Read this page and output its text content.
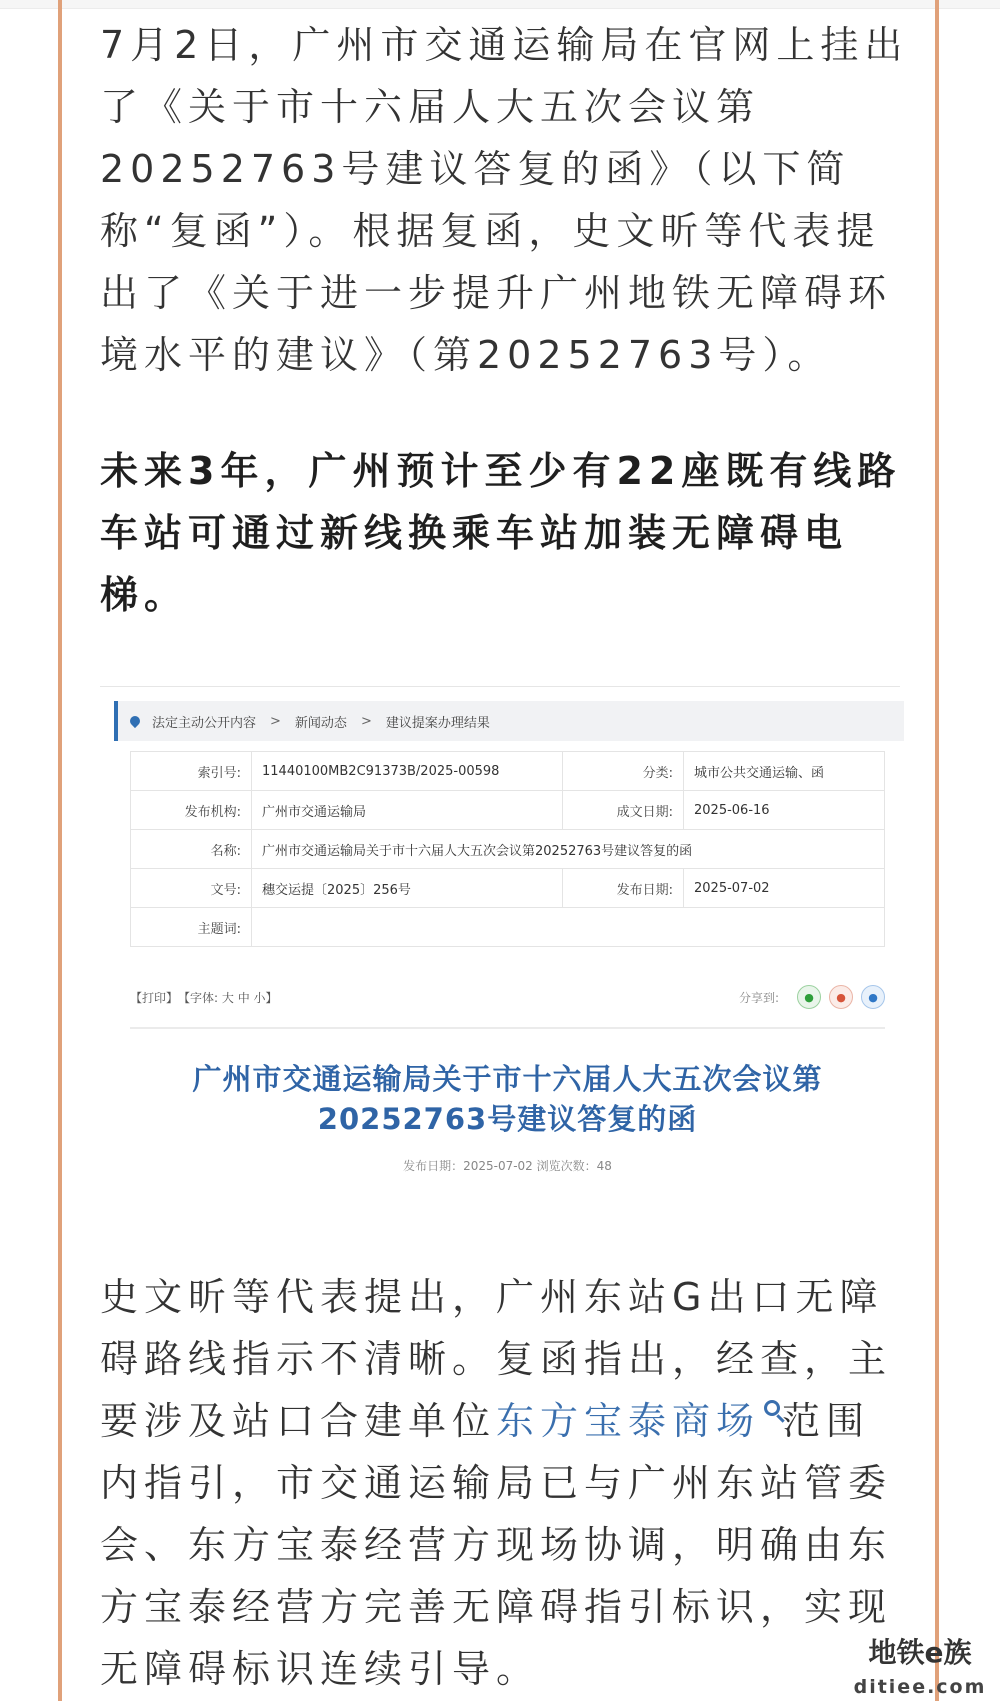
7月2日，广州市交通运输局在官网上挂出了《关于市十六届人大五次会议第20252763号建议答复的函》（以下简称“复函”）。根据复函，史文昕等代表提出了《关于进一步提升广州地铁无障碍环境水平的建议》（第20252763号）。

未来3年，广州预计至少有22座既有线路车站可通过新线换乘车站加装无障碍电梯。

法定主动公开内容 > 新闻动态 > 建议提案办理结果
索引号:	11440100MB2C91373B/2025-00598	分类:	城市公共交通运输、函
发布机构:	广州市交通运输局	成文日期:	2025-06-16
名称:	广州市交通运输局关于市十六届人大五次会议第20252763号建议答复的函		
文号:	穗交运提〔2025〕256号	发布日期:	2025-07-02
主题词:			
【打印】 【字体: 大 中 小】	分享到:	●	●	●
广州市交通运输局关于市十六届人大五次会议第
20252763号建议答复的函
发布日期：2025-07-02 浏览次数：48

史文昕等代表提出，广州东站G出口无障碍路线指示不清晰。复函指出，经查，主要涉及站口合建单位东方宝泰商场 范围内指引，市交通运输局已与广州东站管委会、东方宝泰经营方现场协调，明确由东方宝泰经营方完善无障碍指引标识，实现无障碍标识连续引导。	地铁e族
ditiee.com
